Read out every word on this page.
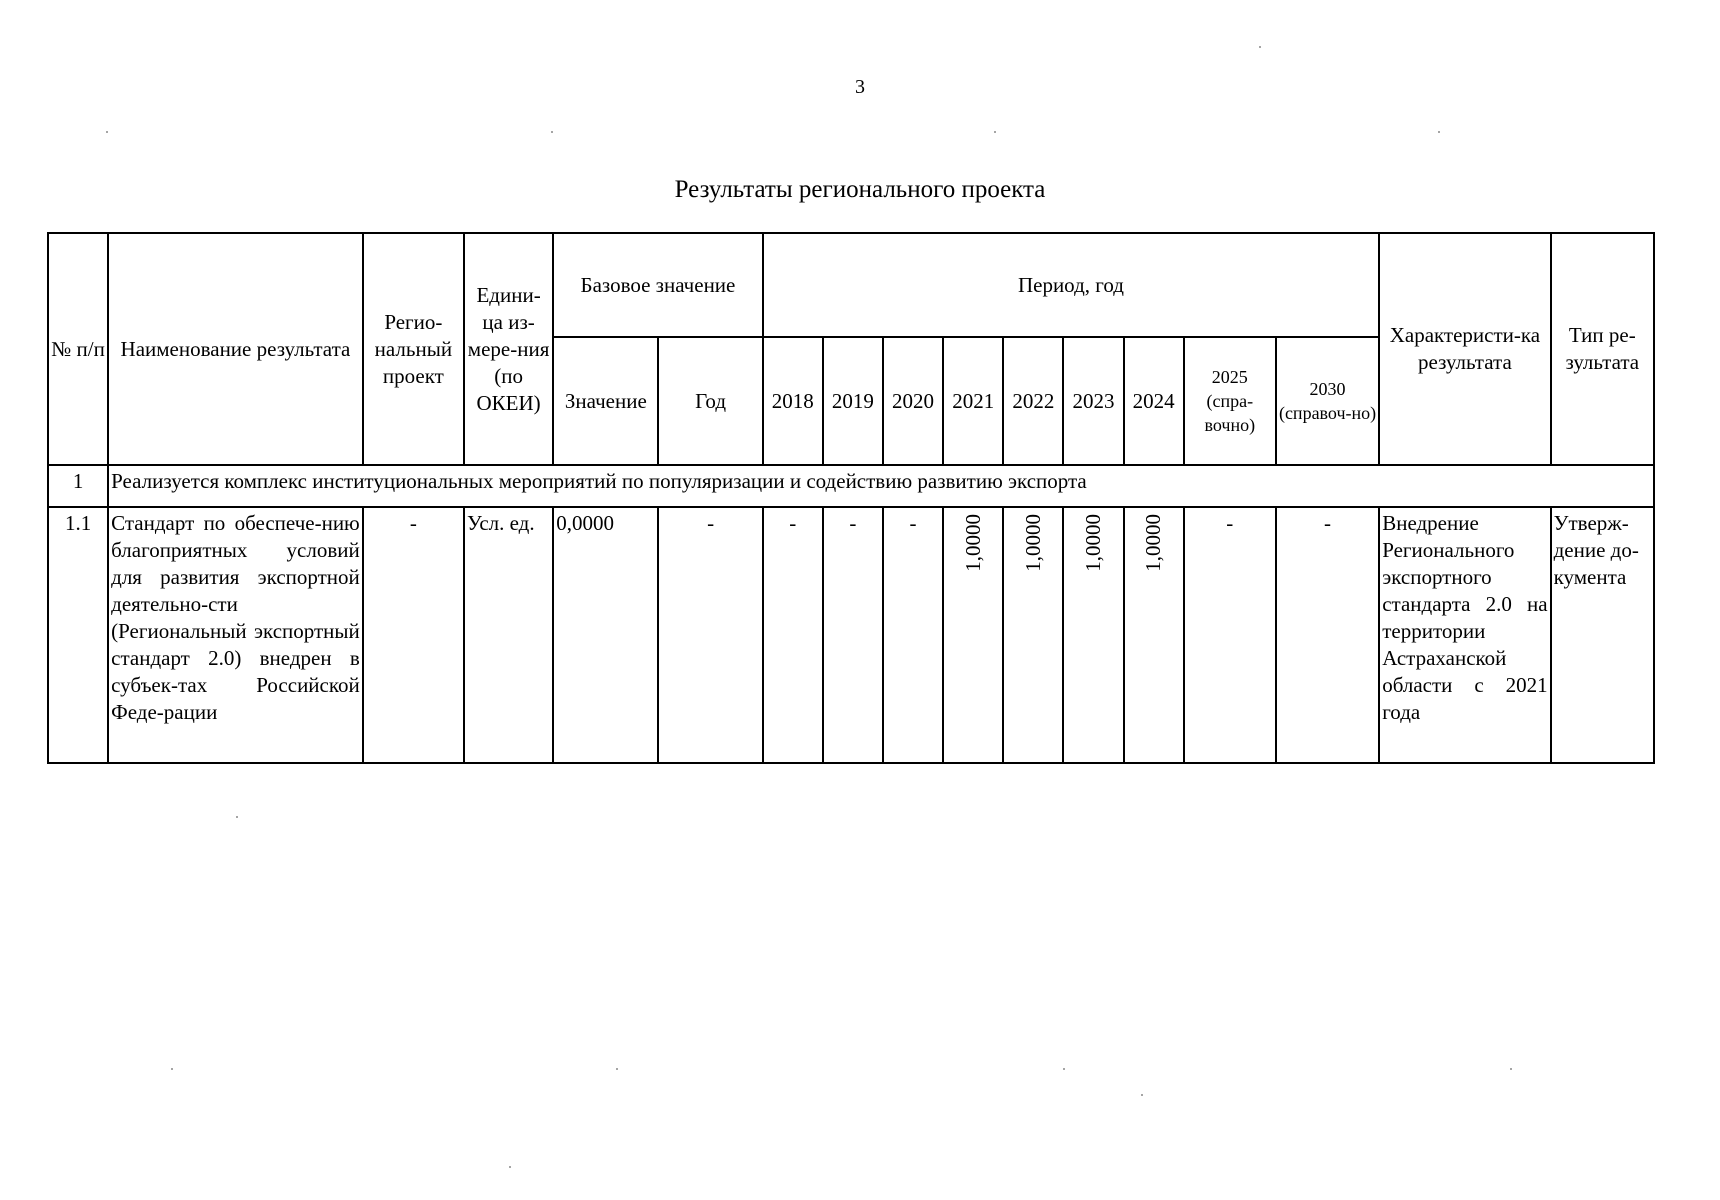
3
Результаты регионального проекта
№ п/п	Наименование результата	Регио-нальный проект	Едини-ца из-мере-ния (по ОКЕИ)	Базовое значение		Период, год									Характеристи-ка результата	Тип ре-зультата
				Значение	Год	2018	2019	2020	2021	2022	2023	2024	2025 (спра-вочно)	2030 (справоч-но)		
1	Реализуется комплекс институциональных мероприятий по популяризации и содействию развитию экспорта															
1.1	Стандарт по обеспече-нию благоприятных условий для развития экспортной деятельно-сти (Региональный экспортный стандарт 2.0) внедрен в субъек-тах Российской Феде-рации	-	Усл. ед.	0,0000	-	-	-	-	1,0000	1,0000	1,0000	1,0000	-	-	Внедрение Регионального экспортного стандарта 2.0 на территории Астраханской области с 2021 года	Утверж-дение до-кумента
